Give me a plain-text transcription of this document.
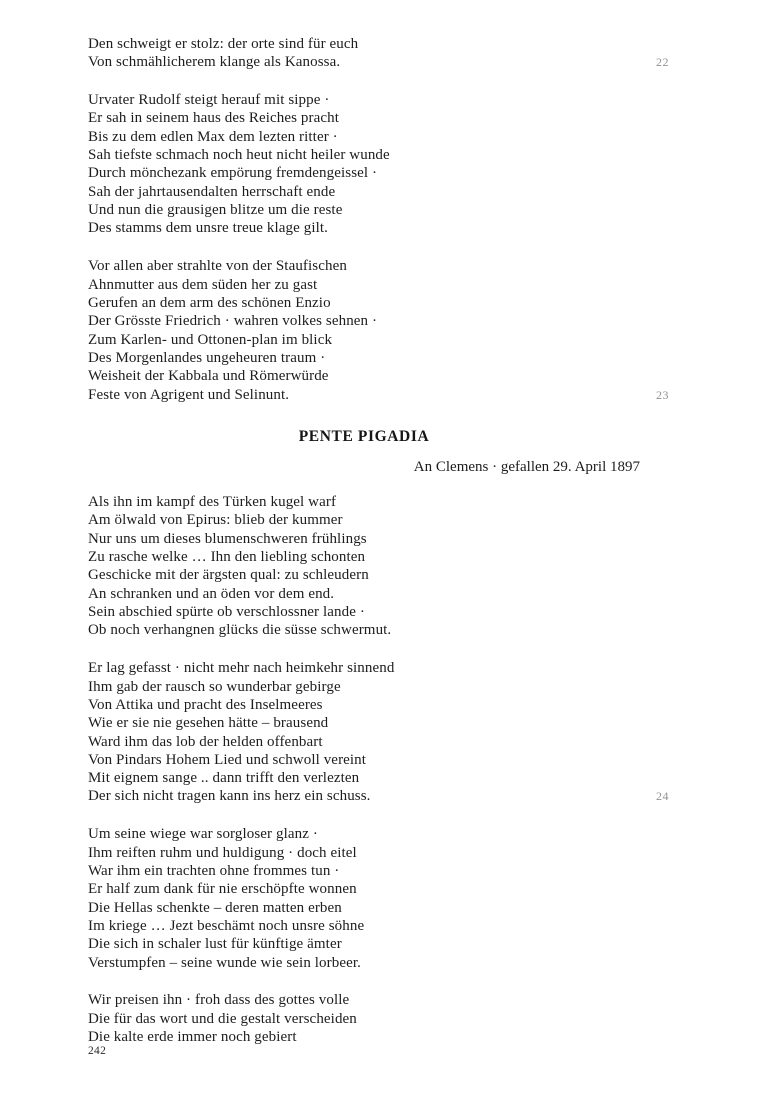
Den schweigt er stolz: der orte sind für euch
Von schmählicherem klange als Kanossa.	22
Urvater Rudolf steigt herauf mit sippe ·
Er sah in seinem haus des Reiches pracht
Bis zu dem edlen Max dem lezten ritter ·
Sah tiefste schmach noch heut nicht heiler wunde
Durch mönchezank empörung fremdengeissel ·
Sah der jahrtausendalten herrschaft ende
Und nun die grausigen blitze um die reste
Des stamms dem unsre treue klage gilt.
Vor allen aber strahlte von der Staufischen
Ahnmutter aus dem süden her zu gast
Gerufen an dem arm des schönen Enzio
Der Grösste Friedrich · wahren volkes sehnen ·
Zum Karlen- und Ottonen-plan im blick
Des Morgenlandes ungeheuren traum ·
Weisheit der Kabbala und Römerwürde
Feste von Agrigent und Selinunt.	23
PENTE PIGADIA
An Clemens · gefallen 29. April 1897
Als ihn im kampf des Türken kugel warf
Am ölwald von Epirus: blieb der kummer
Nur uns um dieses blumenschweren frühlings
Zu rasche welke … Ihn den liebling schonten
Geschicke mit der ärgsten qual: zu schleudern
An schranken und an öden vor dem end.
Sein abschied spürte ob verschlossner lande ·
Ob noch verhangnen glücks die süsse schwermut.
Er lag gefasst · nicht mehr nach heimkehr sinnend
Ihm gab der rausch so wunderbar gebirge
Von Attika und pracht des Inselmeeres
Wie er sie nie gesehen hätte – brausend
Ward ihm das lob der helden offenbart
Von Pindars Hohem Lied und schwoll vereint
Mit eignem sange .. dann trifft den verlezten
Der sich nicht tragen kann ins herz ein schuss.	24
Um seine wiege war sorgloser glanz ·
Ihm reiften ruhm und huldigung · doch eitel
War ihm ein trachten ohne frommes tun ·
Er half zum dank für nie erschöpfte wonnen
Die Hellas schenkte – deren matten erben
Im kriege … Jezt beschämt noch unsre söhne
Die sich in schaler lust für künftige ämter
Verstumpfen – seine wunde wie sein lorbeer.
Wir preisen ihn · froh dass des gottes volle
Die für das wort und die gestalt verscheiden
Die kalte erde immer noch gebiert
242
